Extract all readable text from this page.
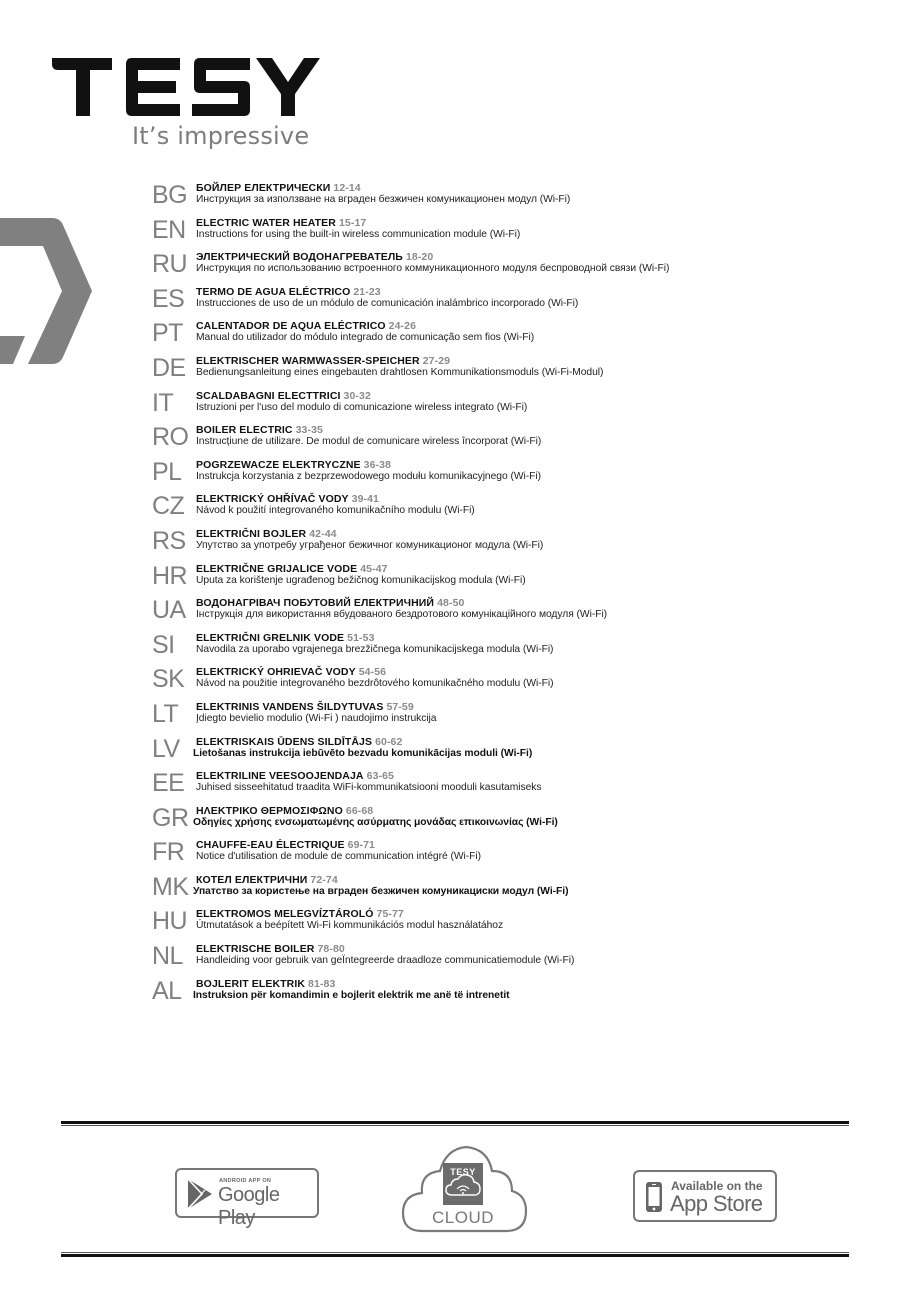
It’s impressive
BG БОЙЛЕР ЕЛЕКТРИЧЕСКИ 12-14
Инструкция за използване на вграден безжичен комуникационен модул (Wi-Fi)
EN ELECTRIC WATER HEATER 15-17
Instructions for using the built-in wireless communication module (Wi-Fi)
RU ЭЛЕКТРИЧЕСКИЙ ВОДОНАГРЕВАТЕЛЬ 18-20
Инструкция по использованию встроенного коммуникационного модуля беспроводной связи (Wi-Fi)
ES	TERMO DE AGUA ELÉCTRICO 21-23
Instrucciones de uso de un módulo de comunicación inalámbrico incorporado (Wi-Fi)
PT	CALENTADOR DE AQUA ELÉCTRICO 24-26
Manual do utilizador do módulo integrado de comunicação sem fios (Wi-Fi)
DE ELEKTRISCHER WARMWASSER-SPEICHER 27-29
Bedienungsanleitung eines eingebauten drahtlosen Kommunikationsmoduls (Wi-Fi-Modul)
IT	SCALDABAGNI ELECTTRICI 30-32
Istruzioni per l'uso del modulo di comunicazione wireless integrato (Wi-Fi)
RO BOILER ELECTRIC 33-35
Instrucțiune de utilizare. De modul de comunicare wireless încorporat (Wi-Fi)
PL	POGRZEWACZE ELEKTRYCZNE 36-38
Instrukcja korzystania z bezprzewodowego modułu komunikacyjnego (Wi-Fi)
CZ	ELEKTRICKÝ OHŘÍVAČ VODY 39-41
Návod k použití integrovaného komunikačního modulu (Wi-Fi)
RS ELEKTRIČNI BOJLER 42-44
Упутство за употребу уграђеног бежичног комуникационог модула (Wi-Fi)
HR ELEKTRIČNE GRIJALICE VODE 45-47
Uputa za korištenje ugrađenog bežičnog komunikacijskog modula (Wi-Fi)
UA ВОДОНАГРІВАЧ ПОБУТОВИЙ ЕЛЕКТРИЧНИЙ 48-50
Інструкція для використання вбудованого бездротового комунікаційного модуля (Wi-Fi)
SI	ELEKTRIČNI GRELNIK VODE 51-53
Navodila za uporabo vgrajenega brezžičnega komunikacijskega modula (Wi-Fi)
SK	ELEKTRICKÝ OHRIEVAČ VODY 54-56
Návod na použitie integrovaného bezdrôtového komunikačného modulu (Wi-Fi)
LT	ELEKTRINIS VANDENS ŠILDYTUVAS 57-59
Įdiegto bevielio modulio (Wi-Fi ) naudojimo instrukcija
LV	ELEKTRISKAIS ŪDENS SILDĪTĀJS 60-62
Lietošanas instrukcija iebūvēto bezvadu komunikācijas moduli (Wi-Fi)
EE	ELEKTRILINE VEESOOJENDAJA 63-65
Juhised sisseehitatud traadita WiFi-kommunikatsiooni mooduli kasutamiseks
GR ΗΛΕΚΤΡΙΚΟ ΘΕΡΜΟΣΙΦΩΝΟ 66-68
Οδηγίες χρήσης ενσωματωμένης ασύρματης μονάδας επικοινωνίας (Wi-Fi)
FR	CHAUFFE-EAU ÉLECTRIQUE 69-71
Notice d'utilisation de module de communication intégré (Wi-Fi)
MK КОТЕЛ ЕЛЕКТРИЧНИ 72-74
Упатство за користење на вграден безжичен комуникациски модул (Wi-Fi)
HU ELEKTROMOS MELEGVÍZTÁROLÓ 75-77
Útmutatások a beépített Wi-Fi kommunikációs modul használatához
NL	ELEKTRISCHE BOILER 78-80
Handleiding voor gebruik van geÏntegreerde draadloze communicatiemodule (Wi-Fi)
AL	BOJLERIT ELEKTRIK 81-83
Instruksion për komandimin e bojlerit elektrik me anë të intrenetit
ANDROID APP ON
Google Play
TESY
CLOUD
Available on the
App Store
